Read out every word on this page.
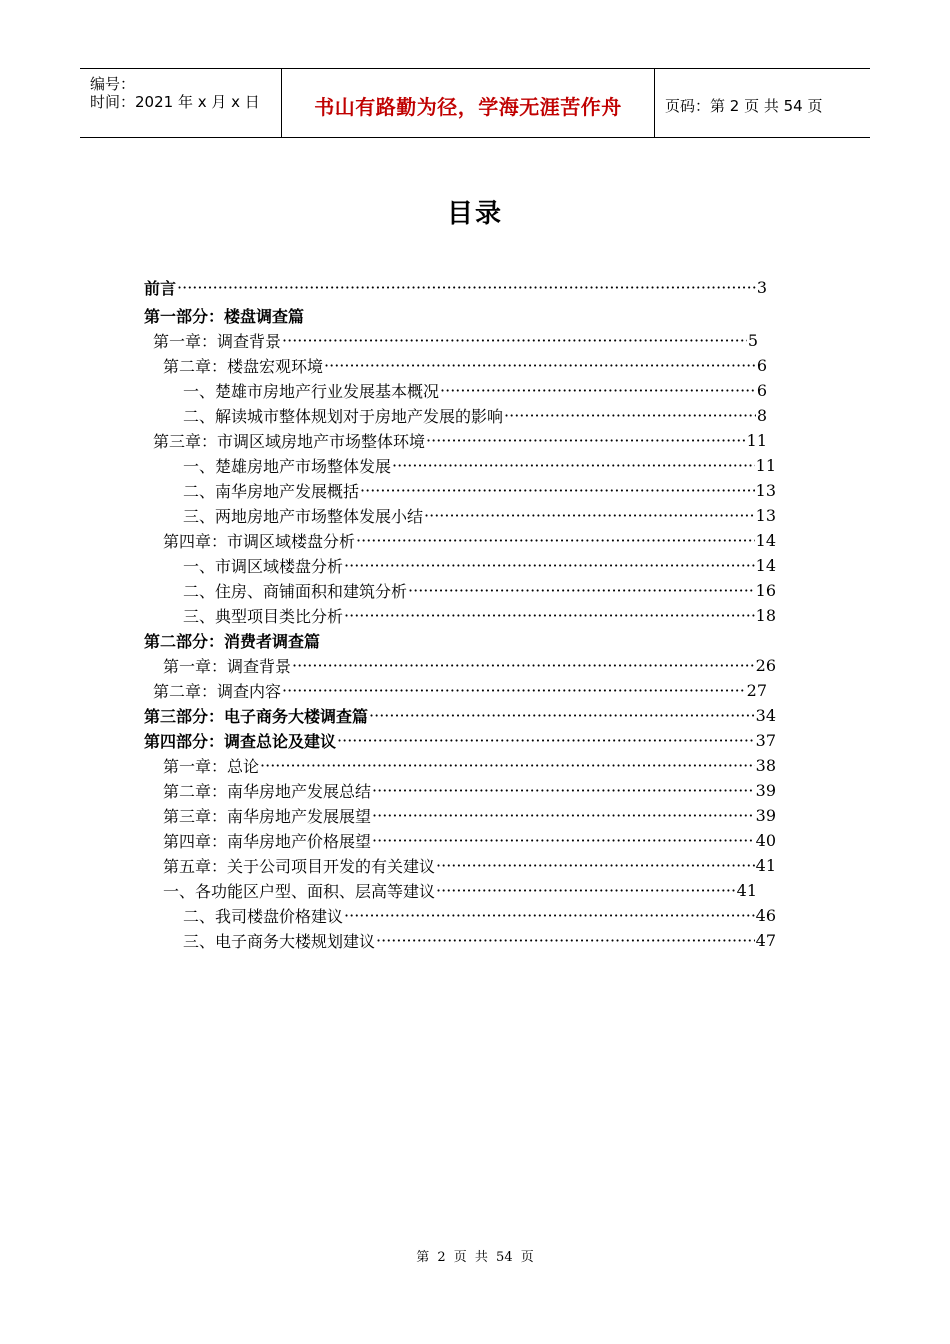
编号：
时间：2021 年 x 月 x 日	书山有路勤为径，学海无涯苦作舟	页码：第 2 页 共 54 页
目录
前言 ·····	3
第一部分：楼盘调查篇
第一章：调查背景 ·····	5
第二章：楼盘宏观环境 ·····	6
一、楚雄市房地产行业发展基本概况 ·····	6
二、解读城市整体规划对于房地产发展的影响 ·····	8
第三章：市调区域房地产市场整体环境 ·····	11
一、楚雄房地产市场整体发展 ·····	11
二、南华房地产发展概括 ·····	13
三、两地房地产市场整体发展小结 ·····	13
第四章：市调区域楼盘分析 ·····	14
一、市调区域楼盘分析 ·····	14
二、住房、商铺面积和建筑分析 ·····	16
三、典型项目类比分析 ·····	18
第二部分：消费者调查篇
第一章：调查背景 ·····	26
第二章：调查内容 ·····	27
第三部分：电子商务大楼调查篇 ·····	34
第四部分：调查总论及建议 ·····	37
第一章：总论 ·····	38
第二章：南华房地产发展总结 ·····	39
第三章：南华房地产发展展望 ·····	39
第四章：南华房地产价格展望 ·····	40
第五章：关于公司项目开发的有关建议 ·····	41
一、各功能区户型、面积、层高等建议 ·····	41
二、我司楼盘价格建议 ·····	46
三、电子商务大楼规划建议 ·····	47
第 2 页 共 54 页
